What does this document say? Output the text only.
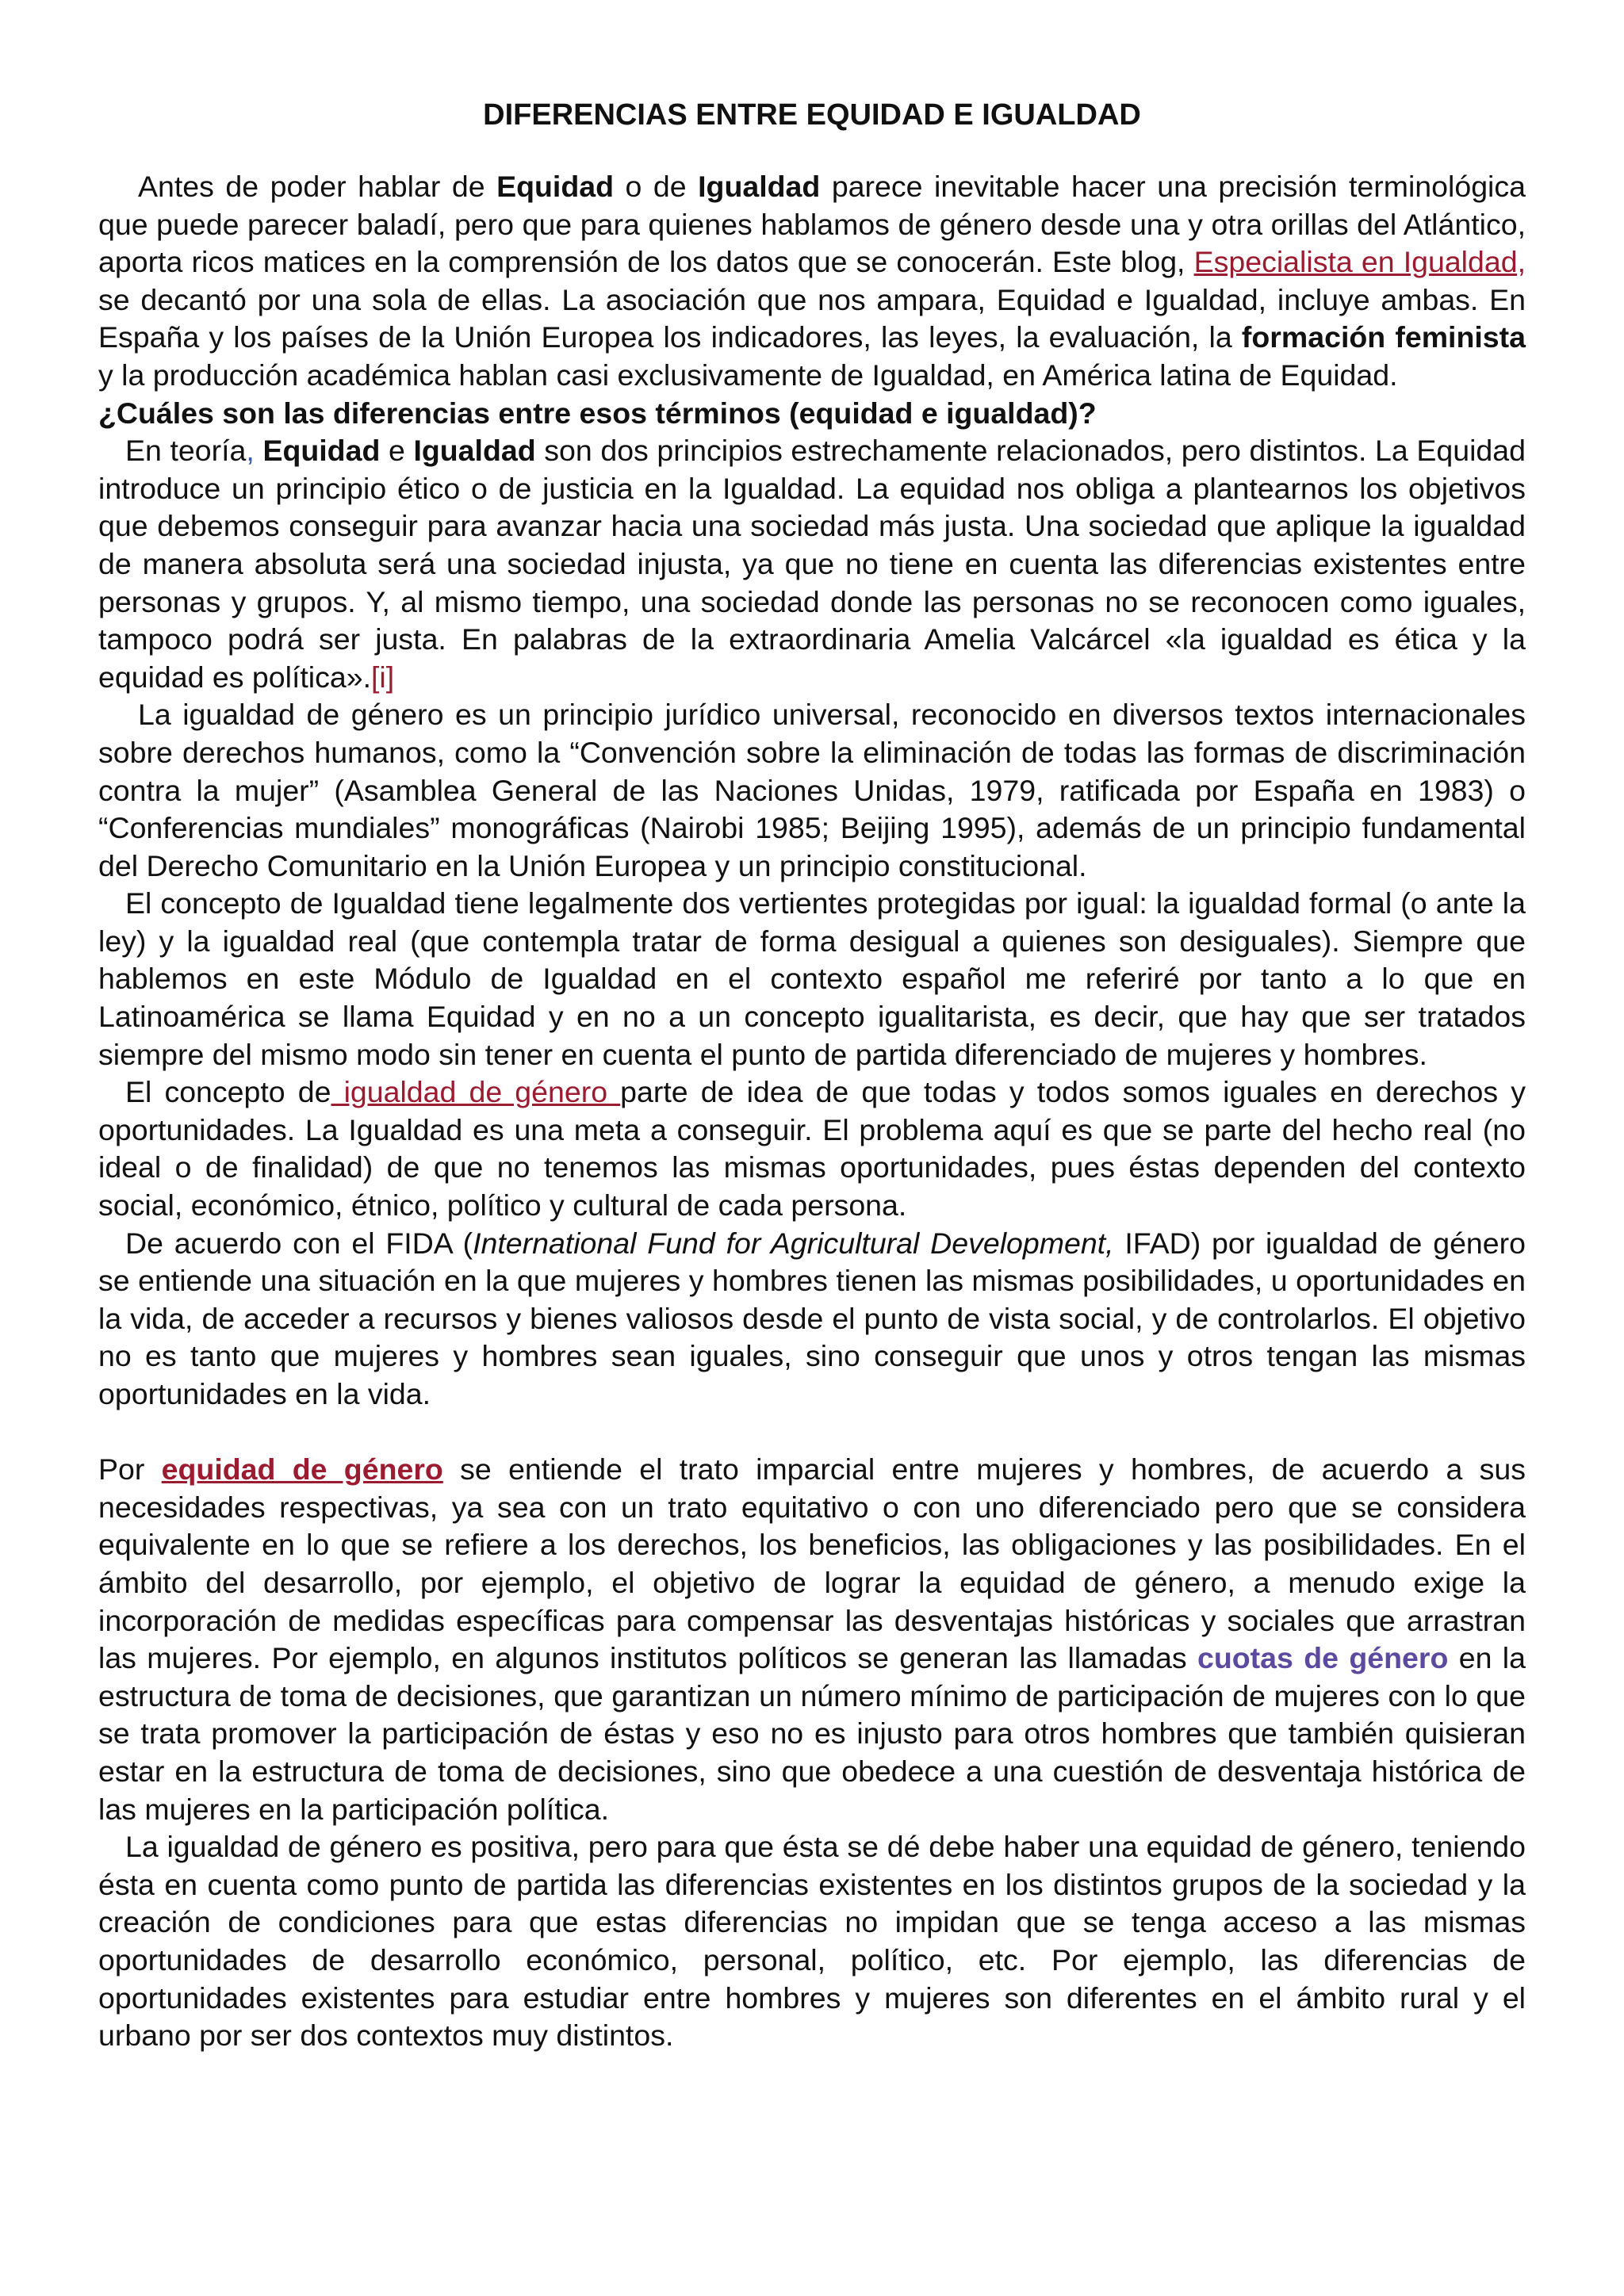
DIFERENCIAS ENTRE EQUIDAD E IGUALDAD

Antes de poder hablar de Equidad o de Igualdad parece inevitable hacer una precisión terminológica que puede parecer baladí, pero que para quienes hablamos de género desde una y otra orillas del Atlántico, aporta ricos matices en la comprensión de los datos que se conocerán. Este blog, Especialista en Igualdad, se decantó por una sola de ellas. La asociación que nos ampara, Equidad e Igualdad, incluye ambas. En España y los países de la Unión Europea los indicadores, las leyes, la evaluación, la formación feminista y la producción académica hablan casi exclusivamente de Igualdad, en América latina de Equidad.

¿Cuáles son las diferencias entre esos términos (equidad e igualdad)?

En teoría, Equidad e Igualdad son dos principios estrechamente relacionados, pero distintos. La Equidad introduce un principio ético o de justicia en la Igualdad. La equidad nos obliga a plantearnos los objetivos que debemos conseguir para avanzar hacia una sociedad más justa. Una sociedad que aplique la igualdad de manera absoluta será una sociedad injusta, ya que no tiene en cuenta las diferencias existentes entre personas y grupos. Y, al mismo tiempo, una sociedad donde las personas no se reconocen como iguales, tampoco podrá ser justa. En palabras de la extraordinaria Amelia Valcárcel «la igualdad es ética y la equidad es política».[i]

La igualdad de género es un principio jurídico universal, reconocido en diversos textos internacionales sobre derechos humanos, como la “Convención sobre la eliminación de todas las formas de discriminación contra la mujer” (Asamblea General de las Naciones Unidas, 1979, ratificada por España en 1983) o “Conferencias mundiales” monográficas (Nairobi 1985; Beijing 1995), además de un principio fundamental del Derecho Comunitario en la Unión Europea y un principio constitucional.

El concepto de Igualdad tiene legalmente dos vertientes protegidas por igual: la igualdad formal (o ante la ley) y la igualdad real (que contempla tratar de forma desigual a quienes son desiguales). Siempre que hablemos en este Módulo de Igualdad en el contexto español me referiré por tanto a lo que en Latinoamérica se llama Equidad y en no a un concepto igualitarista, es decir, que hay que ser tratados siempre del mismo modo sin tener en cuenta el punto de partida diferenciado de mujeres y hombres.

El concepto de igualdad de género parte de idea de que todas y todos somos iguales en derechos y oportunidades. La Igualdad es una meta a conseguir. El problema aquí es que se parte del hecho real (no ideal o de finalidad) de que no tenemos las mismas oportunidades, pues éstas dependen del contexto social, económico, étnico, político y cultural de cada persona.

De acuerdo con el FIDA (International Fund for Agricultural Development, IFAD) por igualdad de género se entiende una situación en la que mujeres y hombres tienen las mismas posibilidades, u oportunidades en la vida, de acceder a recursos y bienes valiosos desde el punto de vista social, y de controlarlos. El objetivo no es tanto que mujeres y hombres sean iguales, sino conseguir que unos y otros tengan las mismas oportunidades en la vida.

Por equidad de género se entiende el trato imparcial entre mujeres y hombres, de acuerdo a sus necesidades respectivas, ya sea con un trato equitativo o con uno diferenciado pero que se considera equivalente en lo que se refiere a los derechos, los beneficios, las obligaciones y las posibilidades. En el ámbito del desarrollo, por ejemplo, el objetivo de lograr la equidad de género, a menudo exige la incorporación de medidas específicas para compensar las desventajas históricas y sociales que arrastran las mujeres. Por ejemplo, en algunos institutos políticos se generan las llamadas cuotas de género en la estructura de toma de decisiones, que garantizan un número mínimo de participación de mujeres con lo que se trata promover la participación de éstas y eso no es injusto para otros hombres que también quisieran estar en la estructura de toma de decisiones, sino que obedece a una cuestión de desventaja histórica de las mujeres en la participación política.

La igualdad de género es positiva, pero para que ésta se dé debe haber una equidad de género, teniendo ésta en cuenta como punto de partida las diferencias existentes en los distintos grupos de la sociedad y la creación de condiciones para que estas diferencias no impidan que se tenga acceso a las mismas oportunidades de desarrollo económico, personal, político, etc. Por ejemplo, las diferencias de oportunidades existentes para estudiar entre hombres y mujeres son diferentes en el ámbito rural y el urbano por ser dos contextos muy distintos.
